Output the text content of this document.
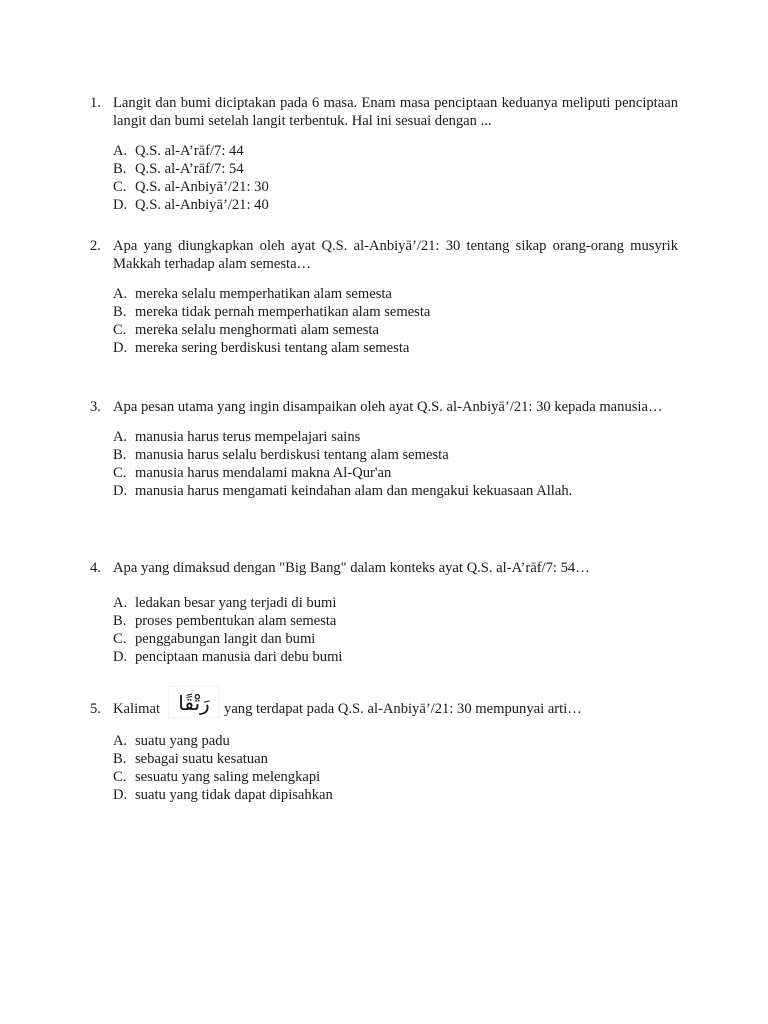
1. Langit dan bumi diciptakan pada 6 masa. Enam masa penciptaan keduanya meliputi penciptaan langit dan bumi setelah langit terbentuk. Hal ini sesuai dengan ...
A. Q.S. al-A’rāf/7: 44
B. Q.S. al-A’rāf/7: 54
C. Q.S. al-Anbiyā’/21: 30
D. Q.S. al-Anbiyā’/21: 40
2. Apa yang diungkapkan oleh ayat Q.S. al-Anbiyā’/21: 30 tentang sikap orang-orang musyrik Makkah terhadap alam semesta…
A. mereka selalu memperhatikan alam semesta
B. mereka tidak pernah memperhatikan alam semesta
C. mereka selalu menghormati alam semesta
D. mereka sering berdiskusi tentang alam semesta
3. Apa pesan utama yang ingin disampaikan oleh ayat Q.S. al-Anbiyā’/21: 30 kepada manusia…
A. manusia harus terus mempelajari sains
B. manusia harus selalu berdiskusi tentang alam semesta
C. manusia harus mendalami makna Al-Qur'an
D. manusia harus mengamati keindahan alam dan mengakui kekuasaan Allah.
4. Apa yang dimaksud dengan "Big Bang" dalam konteks ayat Q.S. al-A’rāf/7: 54…
A. ledakan besar yang terjadi di bumi
B. proses pembentukan alam semesta
C. penggabungan langit dan bumi
D. penciptaan manusia dari debu bumi
5. Kalimat رَتْقًا yang terdapat pada Q.S. al-Anbiyā’/21: 30 mempunyai arti…
A. suatu yang padu
B. sebagai suatu kesatuan
C. sesuatu yang saling melengkapi
D. suatu yang tidak dapat dipisahkan
